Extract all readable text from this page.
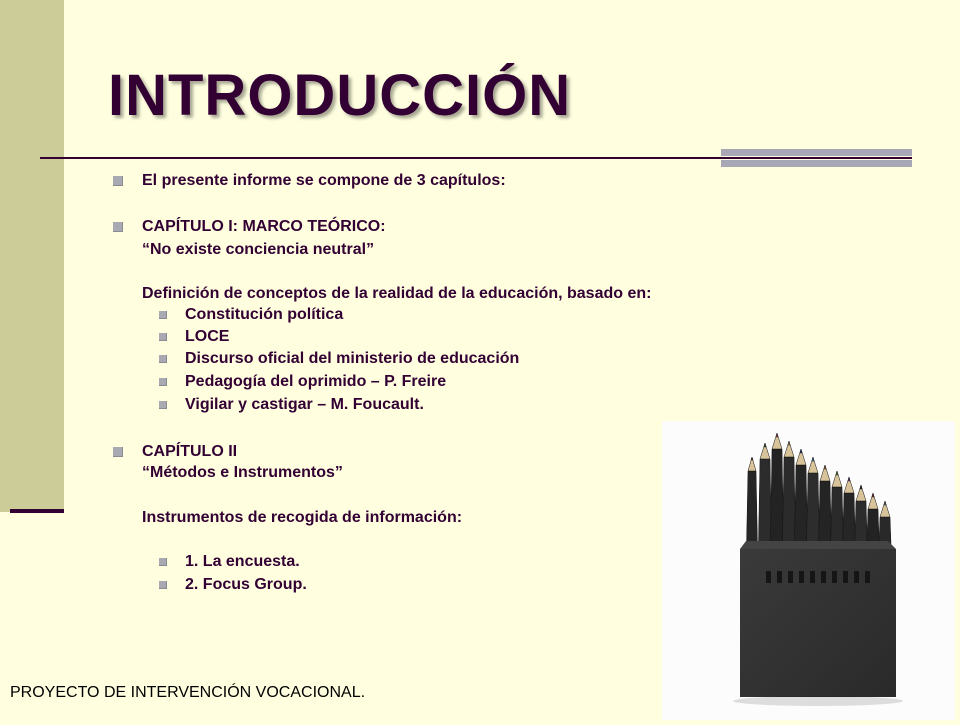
INTRODUCCIÓN
El presente informe se compone de 3 capítulos:
CAPÍTULO I: MARCO TEÓRICO:
“No existe conciencia neutral”
Definición de conceptos de la realidad de la educación, basado en:
Constitución política
LOCE
Discurso oficial del ministerio de educación
Pedagogía del oprimido – P. Freire
Vigilar y castigar – M. Foucault.
CAPÍTULO II
“Métodos e Instrumentos”
Instrumentos de recogida de información:
1. La encuesta.
2. Focus Group.
PROYECTO DE INTERVENCIÓN VOCACIONAL.
